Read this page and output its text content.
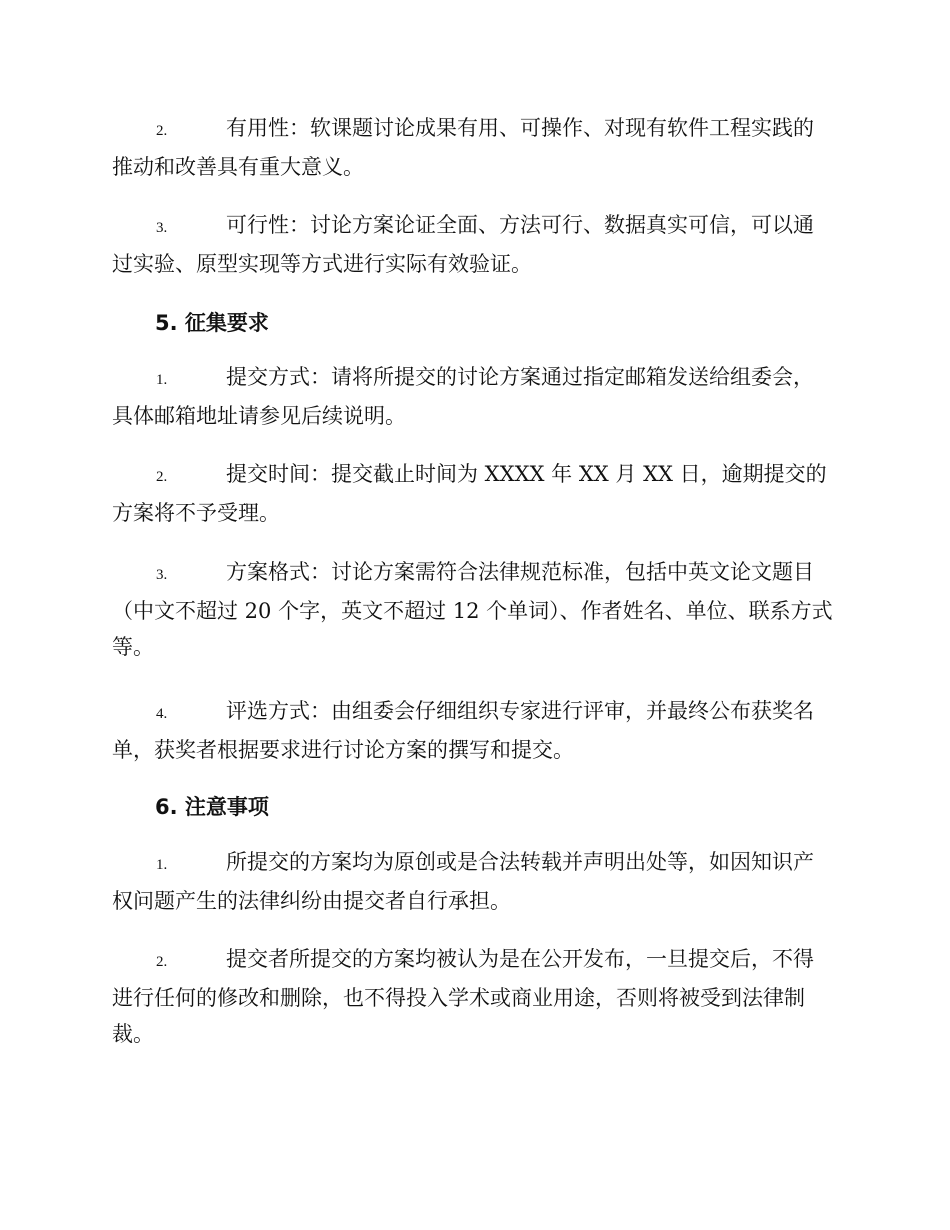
2.	有用性：软课题讨论成果有用、可操作、对现有软件工程实践的推动和改善具有重大意义。
3.	可行性：讨论方案论证全面、方法可行、数据真实可信，可以通过实验、原型实现等方式进行实际有效验证。
5. 征集要求
1.	提交方式：请将所提交的讨论方案通过指定邮箱发送给组委会，具体邮箱地址请参见后续说明。
2.	提交时间：提交截止时间为 XXXX 年 XX 月 XX 日，逾期提交的方案将不予受理。
3.	方案格式：讨论方案需符合法律规范标准，包括中英文论文题目（中文不超过 20 个字，英文不超过 12 个单词）、作者姓名、单位、联系方式等。
4.	评选方式：由组委会仔细组织专家进行评审，并最终公布获奖名单，获奖者根据要求进行讨论方案的撰写和提交。
6. 注意事项
1.	所提交的方案均为原创或是合法转载并声明出处等，如因知识产权问题产生的法律纠纷由提交者自行承担。
2.	提交者所提交的方案均被认为是在公开发布，一旦提交后，不得进行任何的修改和删除，也不得投入学术或商业用途，否则将被受到法律制裁。
